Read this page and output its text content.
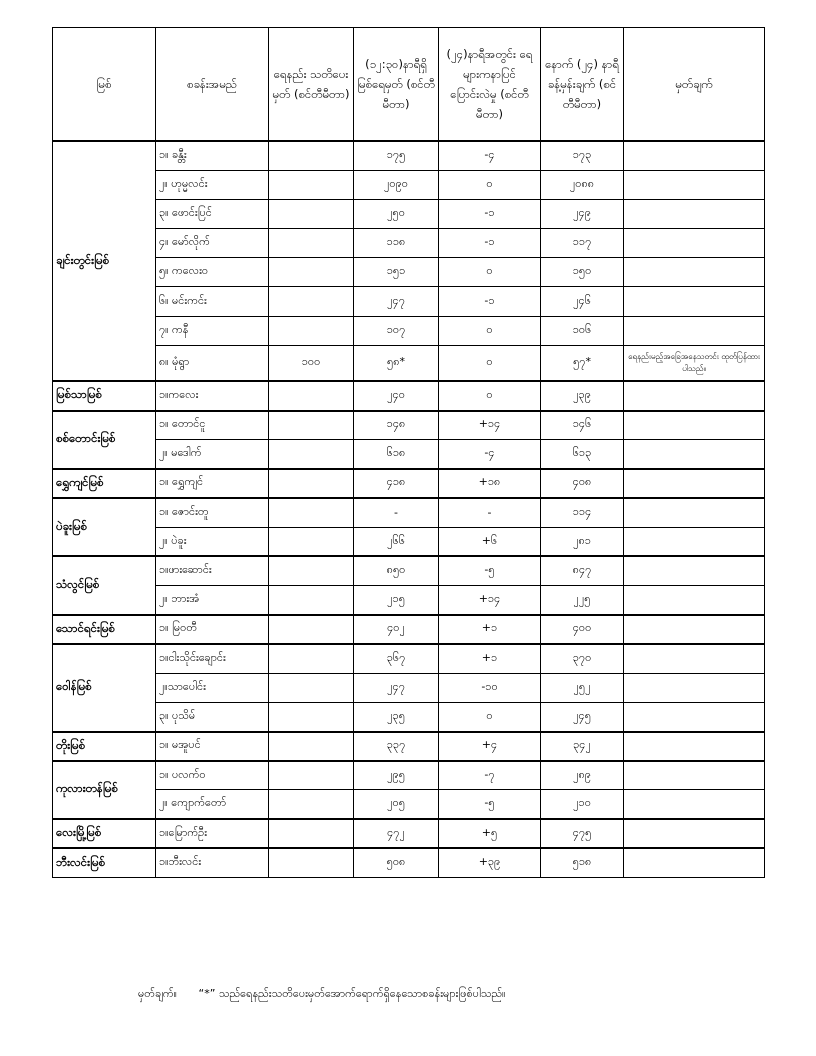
မြစ်	စခန်းအမည်	ရေနည်း သတိပေးမှတ် (စင်တီမီတာ)	(၁၂:၃၀)နာရီရှိ မြစ်ရေမှတ် (စင်တီမီတာ)	(၂၄)နာရီအတွင်း ရေများကနာပြင် ပြောင်းလဲမှု (စင်တီမီတာ)	နောက် (၂၄) နာရီ ခန့်မှန်းချက် (စင်တီမီတာ)	မှတ်ချက်
ချင်းတွင်းမြစ်	၁။ ခန္တီး		၁၇၅	-၄	၁၇၃	
	၂။ ဟုမ္မလင်း		၂၀၉၀	၀	၂၀၈၈	
	၃။ ဖောင်းပြင်		၂၅၀	-၁	၂၄၉	
	၄။ မော်လိုက်		၁၁၈	-၁	၁၁၇	
	၅။ ကလေးဝ		၁၅၁	၀	၁၅၀	
	၆။ မင်းကင်း		၂၄၇	-၁	၂၄၆	
	၇။ ကနီ		၁၀၇	၀	၁၀၆	
	၈။ မုံရွာ	၁၀၀	၅၈*	၀	၅၇*	ရေနည်းမည့်အခြေအနေသတင်း ထုတ်ပြန်ထားပါသည်။
မြစ်သာမြစ်	၁။ကလေး		၂၄၀	၀	၂၃၉	
စစ်တောင်းမြစ်	၁။ တောင်ငူ		၁၄၈	+၁၄	၁၄၆	
	၂။ မဒေါက်		၆၁၈	-၄	၆၁၃	
ရွှေကျင်မြစ်	၁။ ရွှေကျင်		၄၁၈	+၁၈	၄၀၈	
ပဲခူးမြစ်	၁။ ဇောင်းတူ		-	-	၁၁၄	
	၂။ ပဲခူး		၂၆၆	+၆	၂၈၁	
သံလွင်မြစ်	၁။ဖားဆောင်း		၈၅၀	-၅	၈၄၇	
	၂။ ဘားအံ		၂၁၅	+၁၄	၂၂၅	
သောင်ရင်းမြစ်	၁။ မြဝတီ		၄၀၂	+၁	၄၀၀	
ဝေါန်မြစ်	၁။ငါးသိုင်းချောင်း		၃၆၇	+၁	၃၇၀	
	၂။သာပေါင်း		၂၄၇	-၁၀	၂၅၂	
	၃။ ပုသိမ်		၂၃၅	၀	၂၄၅	
တိုးမြစ်	၁။ မအူပင်		၃၃၇	+၄	၃၄၂	
ကုလားတန်မြစ်	၁။ ပလက်ဝ		၂၉၅	-၇	၂၈၉	
	၂။ ကျောက်တော်		၂၀၅	-၅	၂၁၀	
လေးမြို့မြစ်	၁။မြောက်ဦး		၄၇၂	+၅	၄၇၅	
ဘီးလင်းမြစ်	၁။ဘီးလင်း		၅၀၈	+၃၉	၅၁၈	
မှတ်ချက်။ “*” သည်ရေနည်းသတိပေးမှတ်အောက်ရောက်ရှိနေသောစခန်းများဖြစ်ပါသည်။
